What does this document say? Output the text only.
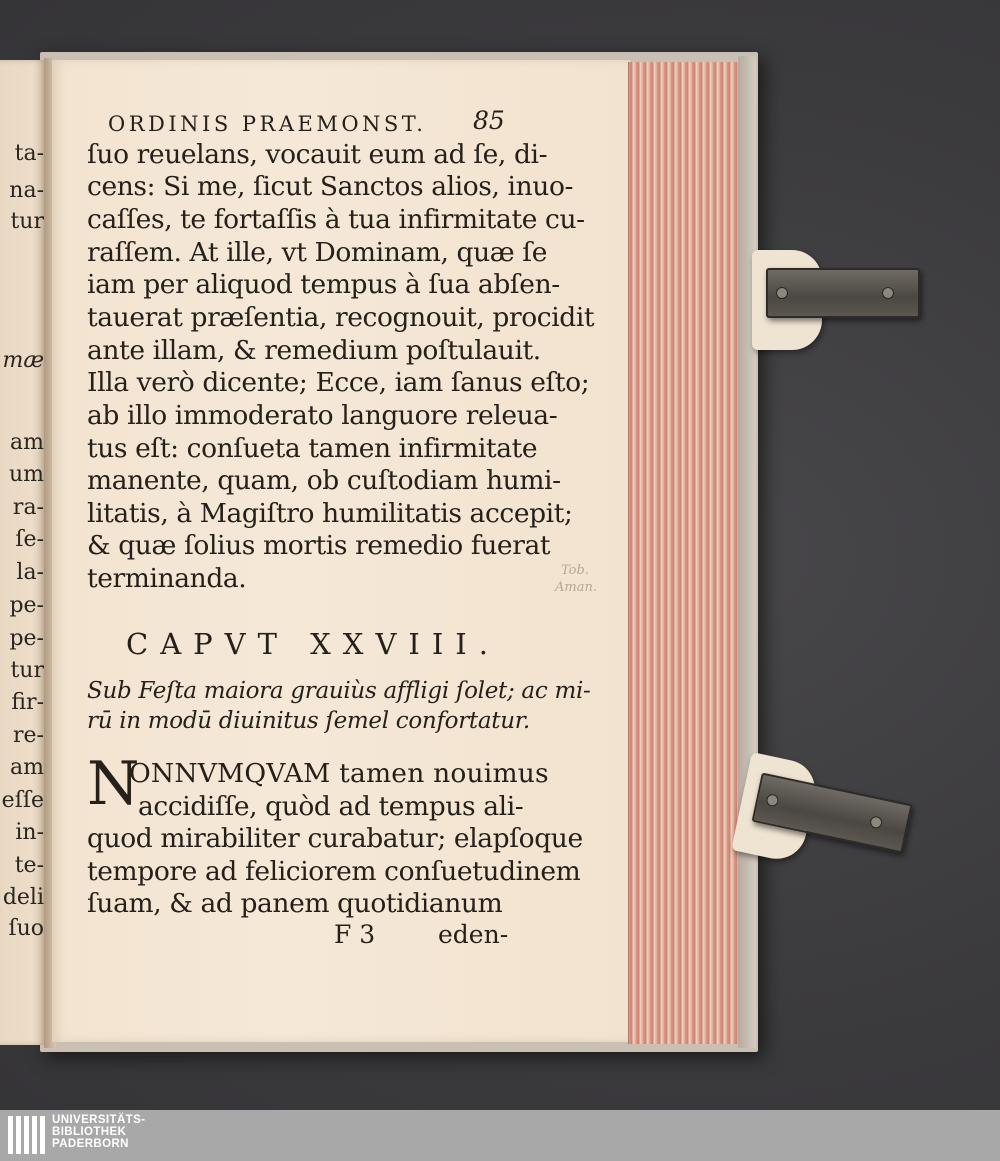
ta-
na-
tur
mæ
am
um
ra-
ſe-
la-
pe-
pe-
tur
fir-
re-
am
eſſe
in-
te-
deli
ſuo
ORDINIS PRAEMONST. 85
ſuo reuelans, vocauit eum ad ſe, di-
cens: Si me, ſicut Sanctos alios, inuo-
caſſes, te fortaſſis à tua infirmitate cu-
raſſem. At ille, vt Dominam, quæ ſe
iam per aliquod tempus à ſua abſen-
tauerat præſentia, recognouit, procidit
ante illam, & remedium poſtulauit.
Illa verò dicente; Ecce, iam ſanus eſto;
ab illo immoderato languore releua-
tus eſt: conſueta tamen infirmitate
manente, quam, ob cuſtodiam humi-
litatis, à Magiſtro humilitatis accepit;
& quæ ſolius mortis remedio fuerat
terminanda.
CAPVT XXVIII.
Sub Feſta maiora grauiùs affligi ſolet; ac mi-
rū in modū diuinitus ſemel confortatur.
N
ONNVMQVAM tamen nouimus
accidiſſe, quòd ad tempus ali-
quod mirabiliter curabatur; elapſoque
tempore ad feliciorem conſuetudinem
ſuam, & ad panem quotidianum
F 3	eden-
Tob.
Aman.
UNIVERSITÄTS-
BIBLIOTHEK
PADERBORN
